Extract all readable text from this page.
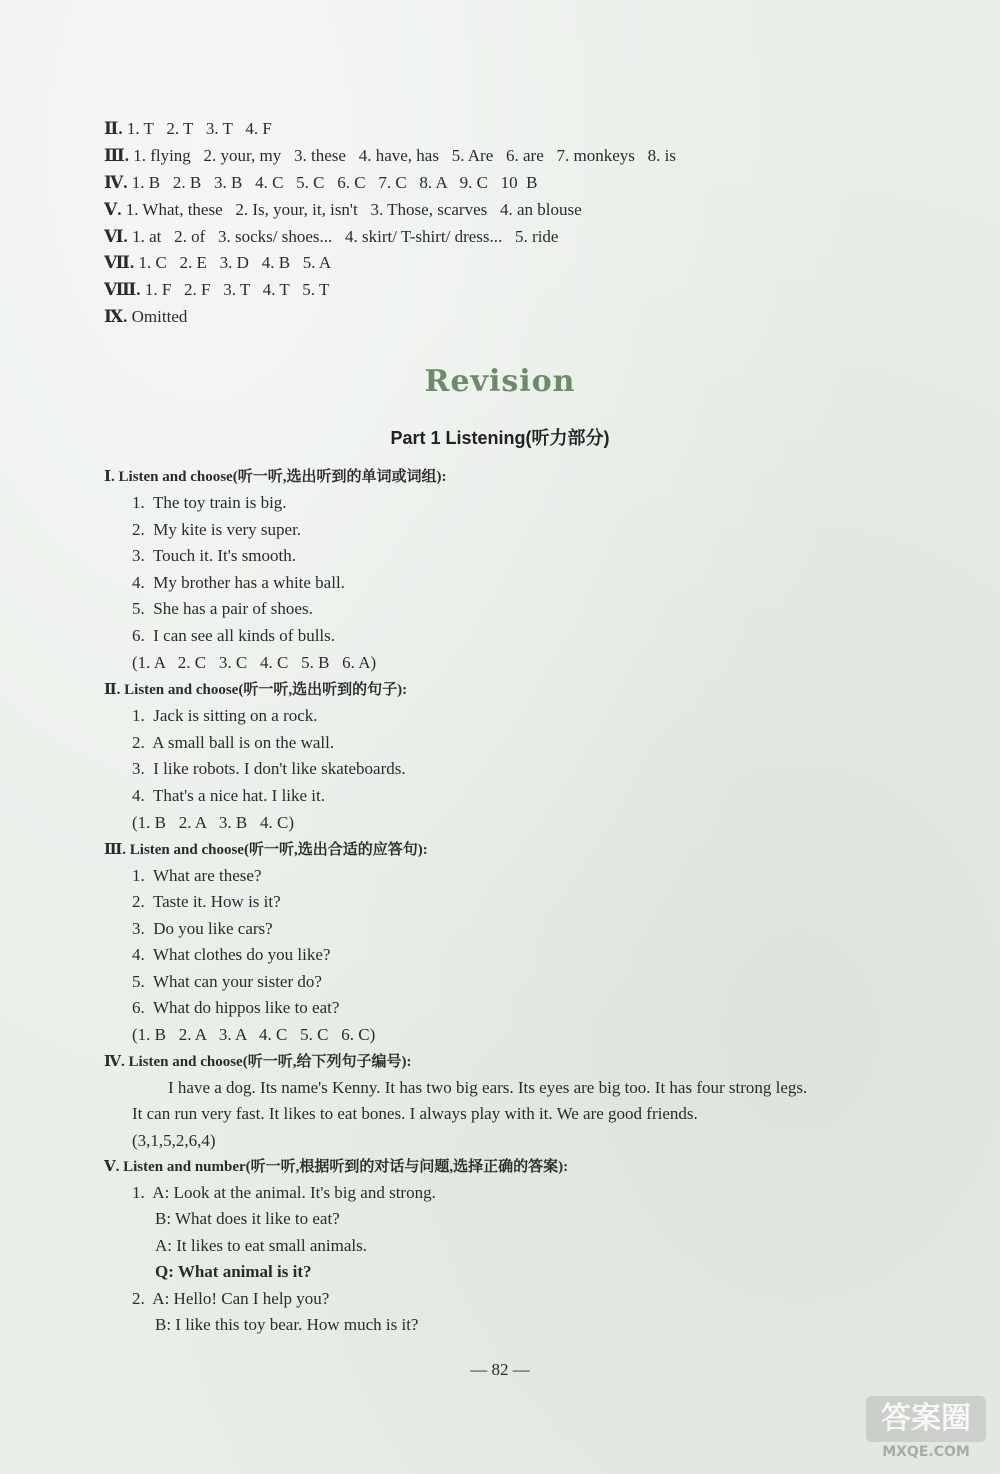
Ⅱ. 1. T   2. T   3. T   4. F
Ⅲ. 1. flying   2. your, my   3. these   4. have, has   5. Are   6. are   7. monkeys   8. is
Ⅳ. 1. B   2. B   3. B   4. C   5. C   6. C   7. C   8. A   9. C   10  B
Ⅴ. 1. What, these   2. Is, your, it, isn't   3. Those, scarves   4. an blouse
Ⅵ. 1. at   2. of   3. socks/ shoes...   4. skirt/ T-shirt/ dress...   5. ride
Ⅶ. 1. C   2. E   3. D   4. B   5. A
Ⅷ. 1. F   2. F   3. T   4. T   5. T
Ⅸ. Omitted
Revision
Part 1 Listening(听力部分)
Ⅰ. Listen and choose(听一听,选出听到的单词或词组):
1.  The toy train is big.
2.  My kite is very super.
3.  Touch it. It's smooth.
4.  My brother has a white ball.
5.  She has a pair of shoes.
6.  I can see all kinds of bulls.
(1. A   2. C   3. C   4. C   5. B   6. A)
Ⅱ. Listen and choose(听一听,选出听到的句子):
1.  Jack is sitting on a rock.
2.  A small ball is on the wall.
3.  I like robots. I don't like skateboards.
4.  That's a nice hat. I like it.
(1. B   2. A   3. B   4. C)
Ⅲ. Listen and choose(听一听,选出合适的应答句):
1.  What are these?
2.  Taste it. How is it?
3.  Do you like cars?
4.  What clothes do you like?
5.  What can your sister do?
6.  What do hippos like to eat?
(1. B   2. A   3. A   4. C   5. C   6. C)
Ⅳ. Listen and choose(听一听,给下列句子编号):
I have a dog. Its name's Kenny. It has two big ears. Its eyes are big too. It has four strong legs.
It can run very fast. It likes to eat bones. I always play with it. We are good friends.
(3,1,5,2,6,4)
Ⅴ. Listen and number(听一听,根据听到的对话与问题,选择正确的答案):
1.  A: Look at the animal. It's big and strong.
B: What does it like to eat?
A: It likes to eat small animals.
Q: What animal is it?
2.  A: Hello! Can I help you?
B: I like this toy bear. How much is it?
— 82 —
答案圈
MXQE.COM
